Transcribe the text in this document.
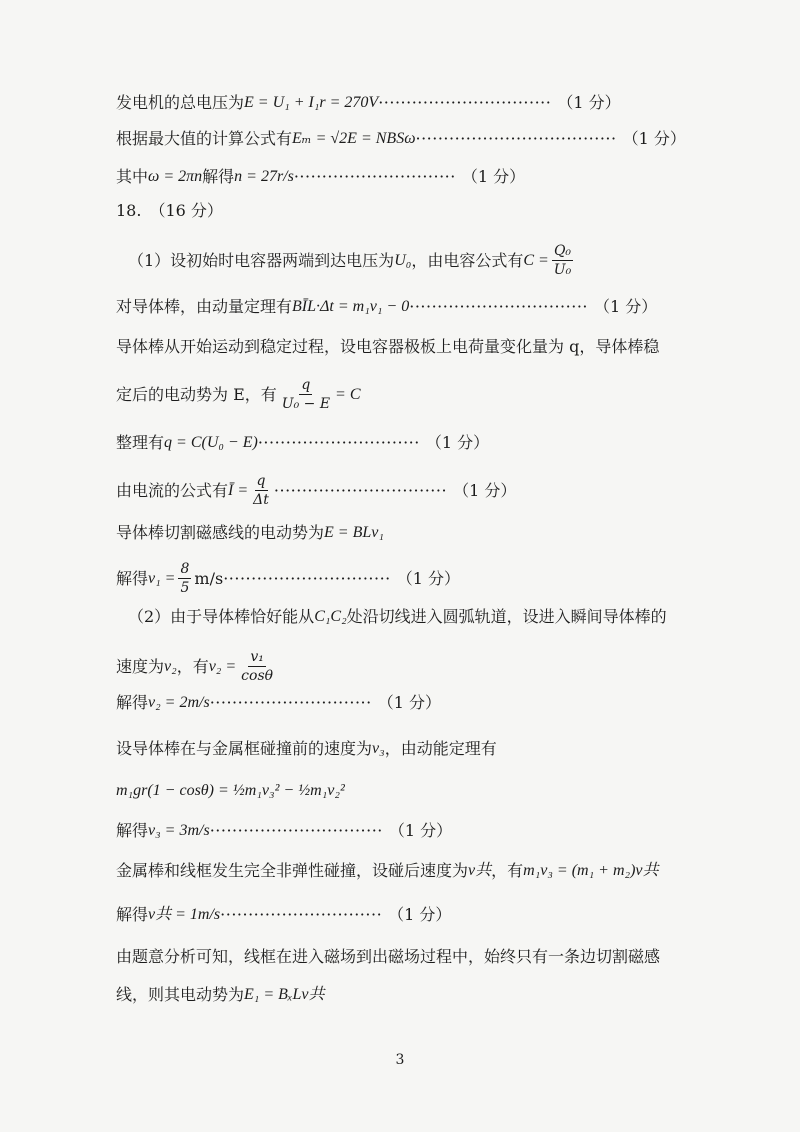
发电机的总电压为 E = U₁ + I₁r = 270V ······························· （1 分）
根据最大值的计算公式有 Eₘ = √2E = NBSω ···································· （1 分）
其中 ω = 2πn 解得 n = 27r/s ····························· （1 分）
18.　（16 分）
（1）设初始时电容器两端到达电压为 U₀ ，由电容公式有 $C = \frac{\text{Q₀}}{\text{U₀}}$
对导体棒，由动量定理有 BĪL·Δt = m₁v₁ − 0 ································ （1 分）
导体棒从开始运动到稳定过程，设电容器极板上电荷量变化量为 q，导体棒稳
定后的电动势为 E，有 $\frac{q}{\text{U₀ − E}} = C$
整理有 q = C(U₀ − E) ····························· （1 分）
由电流的公式有 Ī = $\frac{q}{\Delta t}$ ······························· （1 分）
导体棒切割磁感线的电动势为 E = BLv₁
解得 $v_1 = \frac{8}{5} m/s$ ······························ （1 分）
（2）由于导体棒恰好能从 C₁C₂ 处沿切线进入圆弧轨道，设进入瞬间导体棒的
速度为 v₂ ，有 $v_2 = \frac{\text{v₁}}{\cos\theta}$
解得 v₂ = 2m/s ····························· （1 分）
设导体棒在与金属框碰撞前的速度为 v₃ ，由动能定理有
m₁gr(1 − cosθ) = ½m₁v₃² − ½m₁v₂²
解得 v₃ = 3m/s ······························· （1 分）
金属棒和线框发生完全非弹性碰撞，设碰后速度为 v共 ，有 m₁v₃ = (m₁ + m₂)v共
解得 v共 = 1m/s ····························· （1 分）
由题意分析可知，线框在进入磁场到出磁场过程中，始终只有一条边切割磁感
线，则其电动势为 E₁ = BₓLv共
3
